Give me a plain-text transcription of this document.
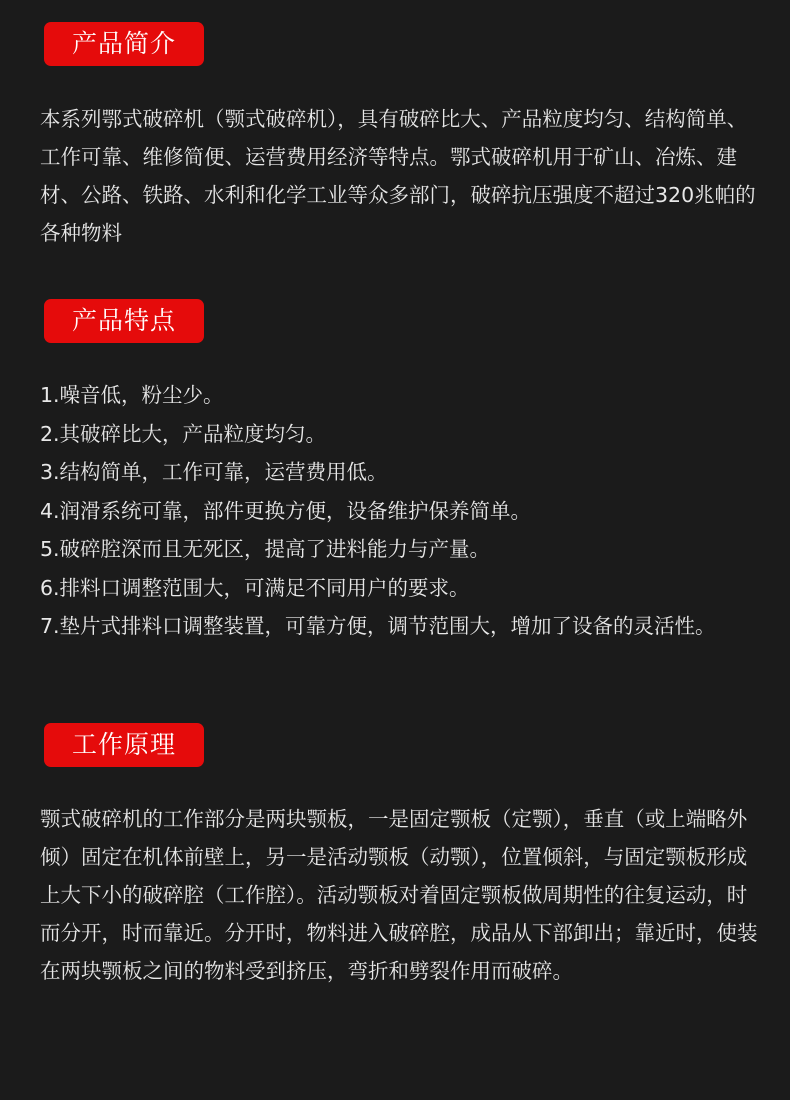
产品简介

本系列鄂式破碎机（颚式破碎机），具有破碎比大、产品粒度均匀、结构简单、工作可靠、维修简便、运营费用经济等特点。鄂式破碎机用于矿山、冶炼、建材、公路、铁路、水利和化学工业等众多部门，破碎抗压强度不超过320兆帕的各种物料

产品特点
1.噪音低，粉尘少。
2.其破碎比大，产品粒度均匀。
3.结构简单，工作可靠，运营费用低。
4.润滑系统可靠，部件更换方便，设备维护保养简单。
5.破碎腔深而且无死区，提高了进料能力与产量。
6.排料口调整范围大，可满足不同用户的要求。
7.垫片式排料口调整装置，可靠方便，调节范围大，增加了设备的灵活性。
工作原理

颚式破碎机的工作部分是两块颚板，一是固定颚板（定颚），垂直（或上端略外倾）固定在机体前壁上，另一是活动颚板（动颚），位置倾斜，与固定颚板形成上大下小的破碎腔（工作腔）。活动颚板对着固定颚板做周期性的往复运动，时而分开，时而靠近。分开时，物料进入破碎腔，成品从下部卸出；靠近时，使装在两块颚板之间的物料受到挤压，弯折和劈裂作用而破碎。
